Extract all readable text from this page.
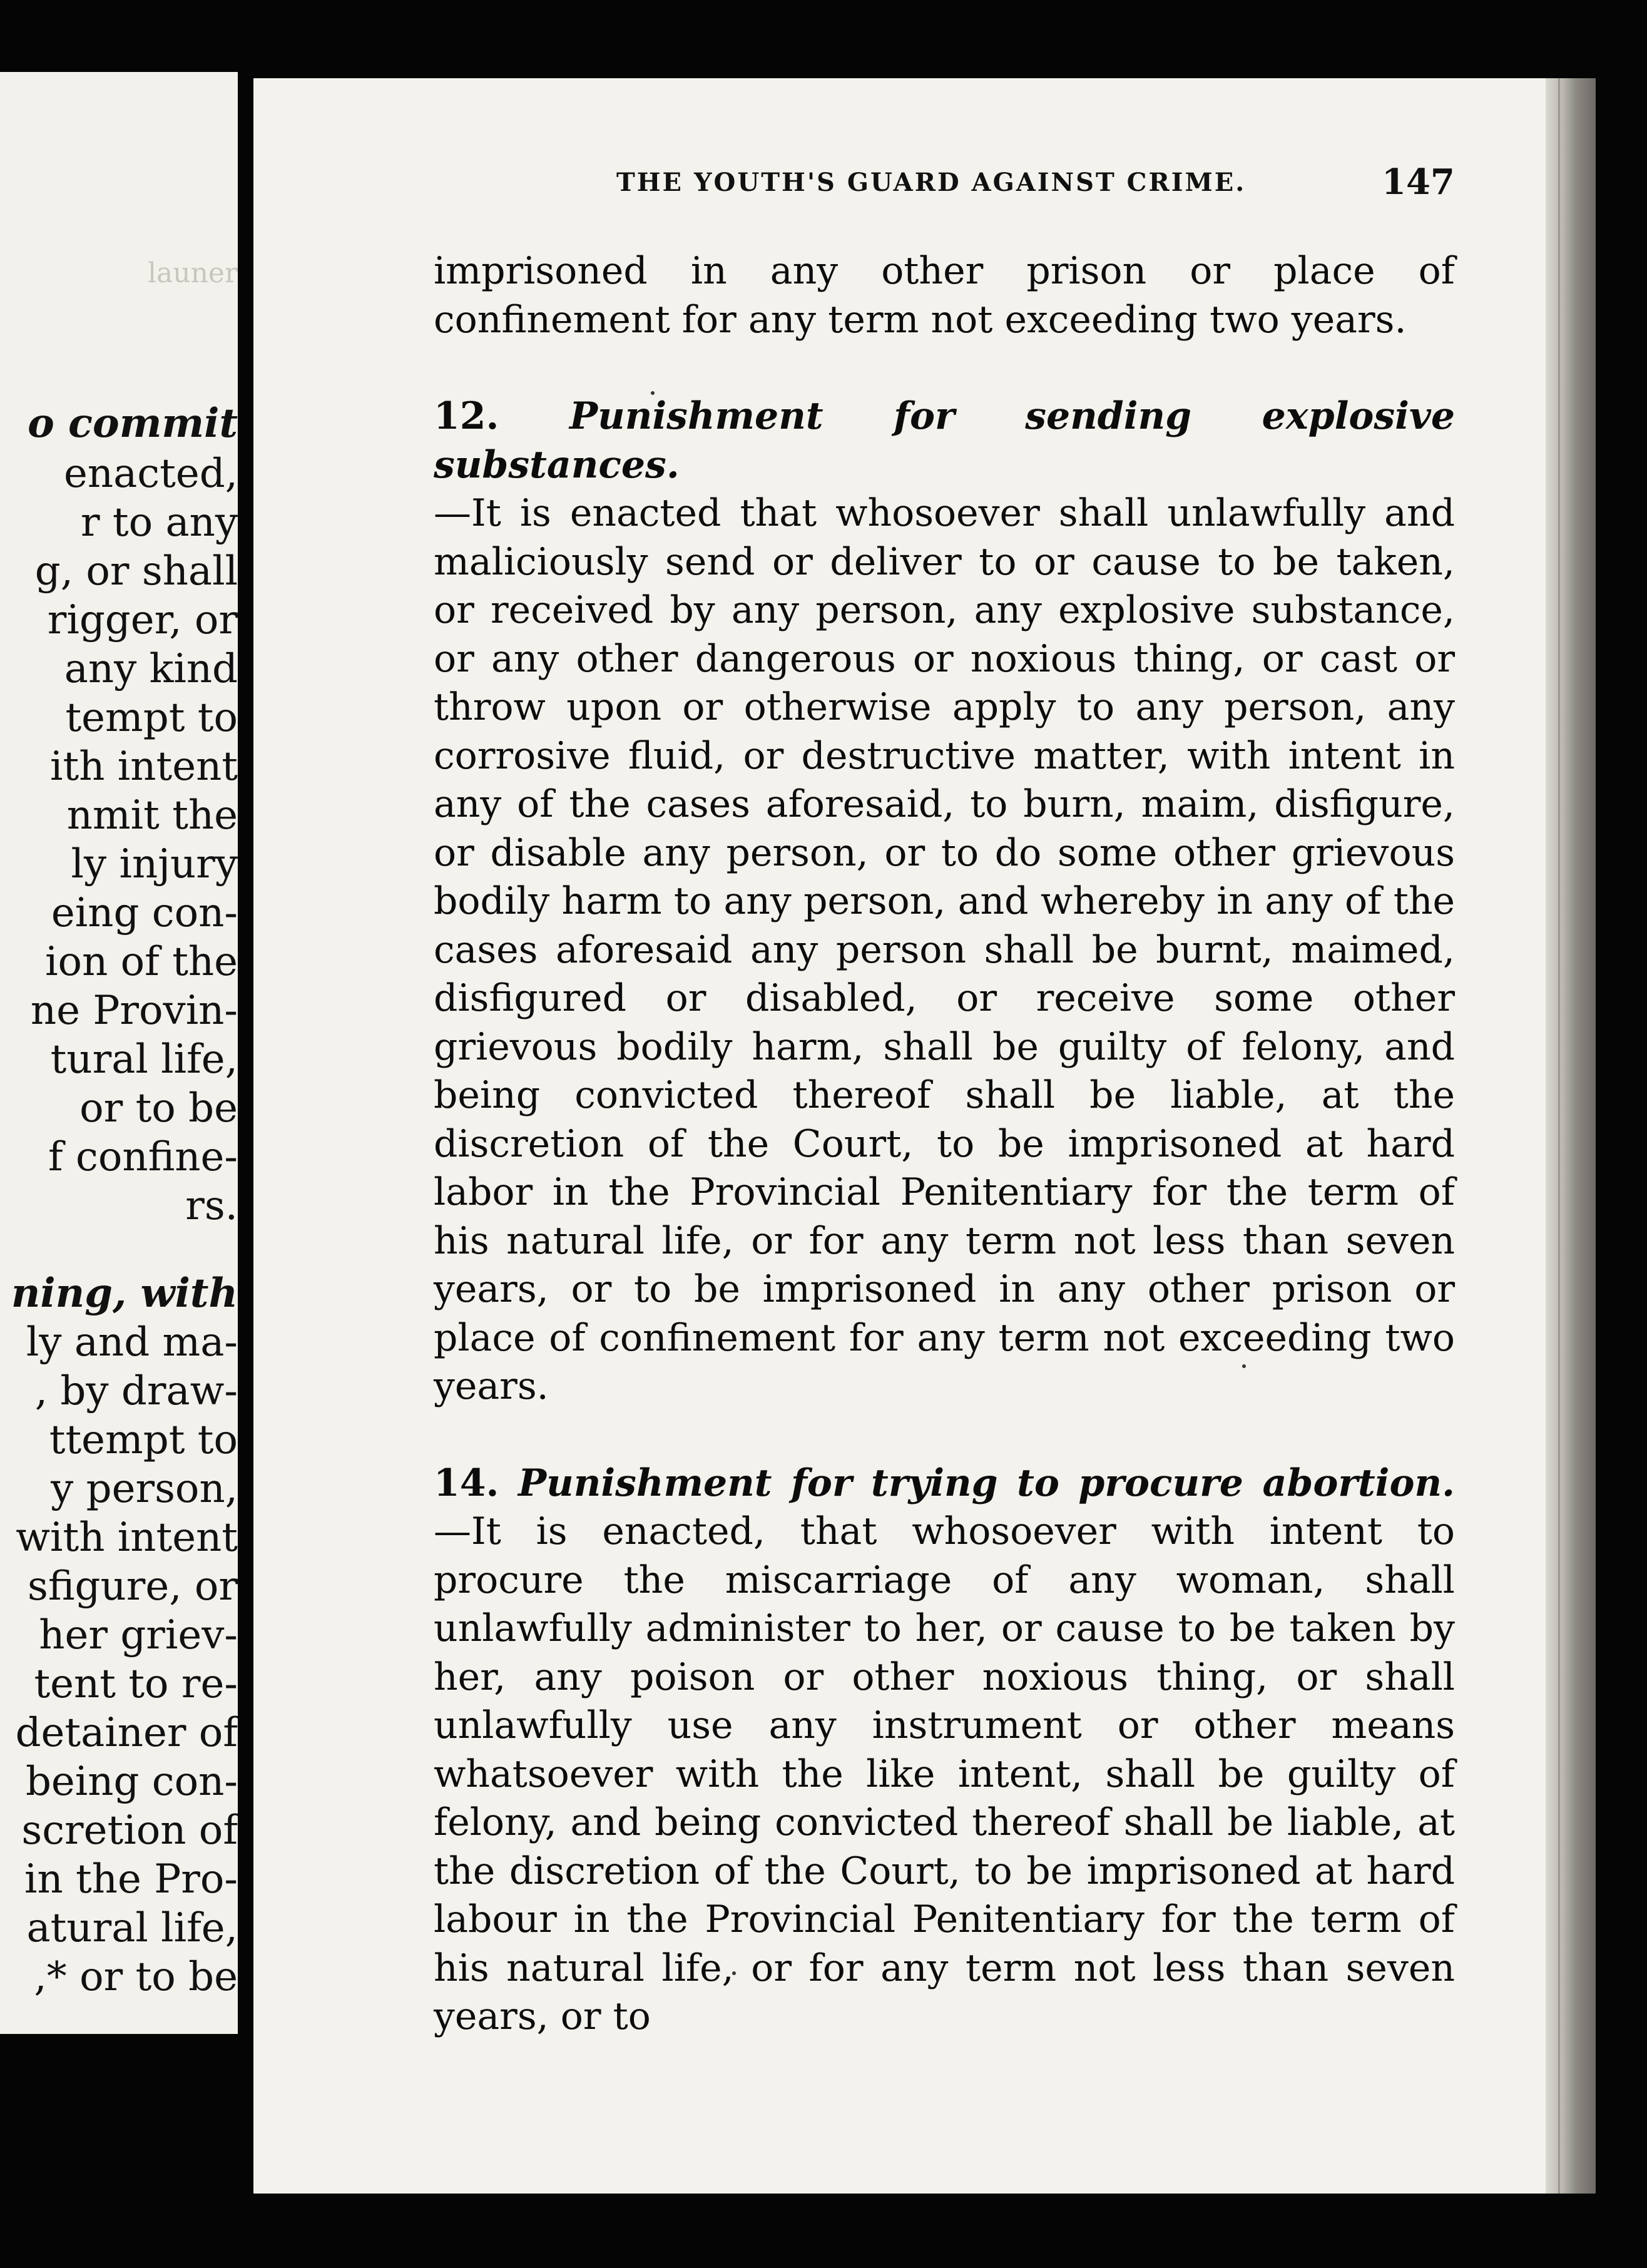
launer
o commit
enacted,
r to any
g, or shall
rigger, or
any kind
tempt to
ith intent
nmit the
ly injury
eing con-
ion of the
ne Provin-
tural life,
or to be
f confine-
rs.
ning, with
ly and ma-
, by draw-
ttempt to
y person,
with intent
sfigure, or
her griev-
tent to re-
detainer of
being con-
scretion of
in the Pro-
atural life,
,* or to be
THE YOUTH'S GUARD AGAINST CRIME.	147

imprisoned in any other prison or place of confinement for any term not exceeding two years.

12. Punishment for sending explosive substances.
—It is enacted that whosoever shall unlawfully and maliciously send or deliver to or cause to be taken, or received by any person, any explosive substance, or any other dangerous or noxious thing, or cast or throw upon or otherwise apply to any person, any corrosive fluid, or destructive matter, with intent in any of the cases aforesaid, to burn, maim, disfigure, or disable any person, or to do some other grievous bodily harm to any person, and whereby in any of the cases aforesaid any person shall be burnt, maimed, disfigured or disabled, or receive some other grievous bodily harm, shall be guilty of felony, and being convicted thereof shall be liable, at the discretion of the Court, to be imprisoned at hard labor in the Provincial Penitentiary for the term of his natural life, or for any term not less than seven years, or to be imprisoned in any other prison or place of confinement for any term not exceeding two years.

14. Punishment for trying to procure abortion.—It is enacted, that whosoever with intent to procure the miscarriage of any woman, shall unlawfully administer to her, or cause to be taken by her, any poison or other noxious thing, or shall unlawfully use any instrument or other means whatsoever with the like intent, shall be guilty of felony, and being convicted thereof shall be liable, at the discretion of the Court, to be imprisoned at hard labour in the Provincial Penitentiary for the term of his natural life, or for any term not less than seven years, or to
